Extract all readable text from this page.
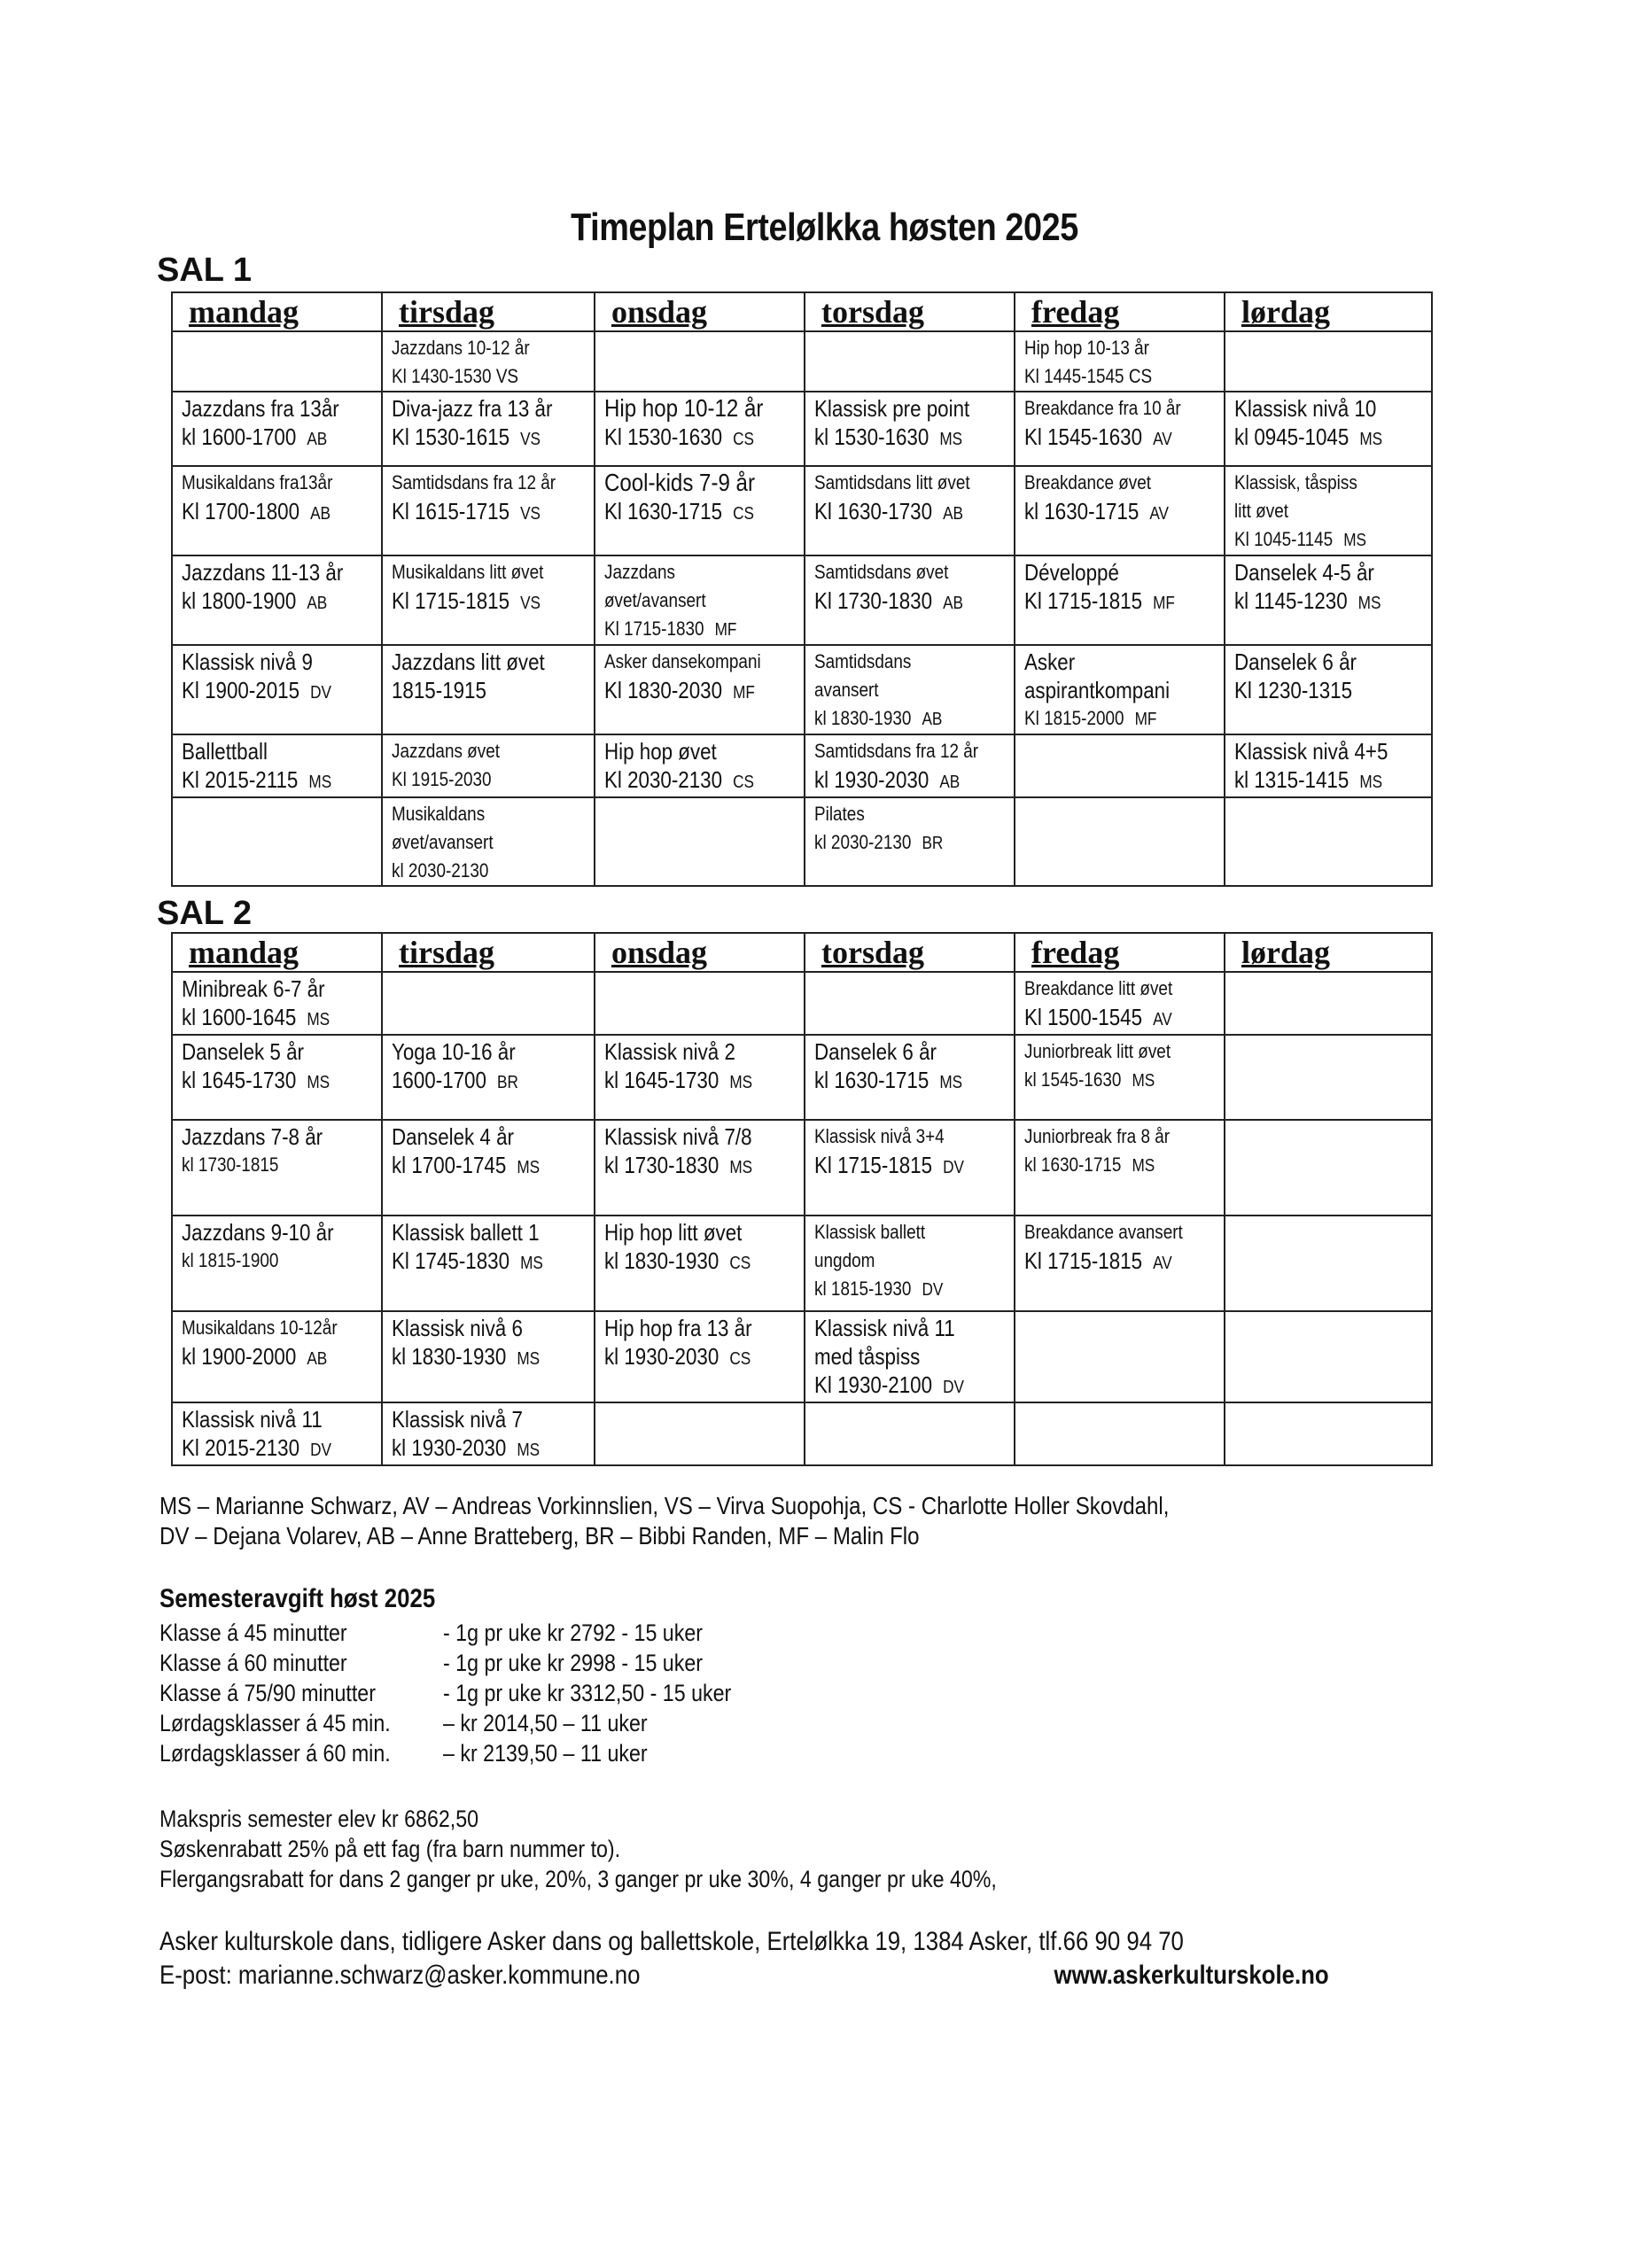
Timeplan Ertelølkka høsten 2025
SAL 1
mandag	tirsdag	onsdag	torsdag	fredag	lørdag

	Jazzdans 10-12 år
Kl 1430-1530 VS			Hip hop 10-13 år
Kl 1445-1545 CS	

Jazzdans fra 13år
kl 1600-1700 AB	Diva-jazz fra 13 år
Kl 1530-1615 VS	Hip hop 10-12 år
Kl 1530-1630 CS	Klassisk pre point
kl 1530-1630 MS	Breakdance fra 10 år
Kl 1545-1630 AV	Klassisk nivå 10
kl 0945-1045 MS

Musikaldans fra13år
Kl 1700-1800 AB	Samtidsdans fra 12 år
Kl 1615-1715 VS	Cool-kids 7-9 år
Kl 1630-1715 CS	Samtidsdans litt øvet
Kl 1630-1730 AB	Breakdance øvet
kl 1630-1715 AV	Klassisk, tåspiss
litt øvet
Kl 1045-1145 MS

Jazzdans 11-13 år
kl 1800-1900 AB	Musikaldans litt øvet
Kl 1715-1815 VS	Jazzdans
øvet/avansert
Kl 1715-1830 MF	Samtidsdans øvet
Kl 1730-1830 AB	Développé
Kl 1715-1815 MF	Danselek 4-5 år
kl 1145-1230 MS

Klassisk nivå 9
Kl 1900-2015 DV	Jazzdans litt øvet
1815-1915	Asker dansekompani
Kl 1830-2030 MF	Samtidsdans
avansert
kl 1830-1930 AB	Asker
aspirantkompani
Kl 1815-2000 MF	Danselek 6 år
Kl 1230-1315

Ballettball
Kl 2015-2115 MS	Jazzdans øvet
Kl 1915-2030	Hip hop øvet
Kl 2030-2130 CS	Samtidsdans fra 12 år
kl 1930-2030 AB		Klassisk nivå 4+5
kl 1315-1415 MS

	Musikaldans
øvet/avansert
kl 2030-2130		Pilates
kl 2030-2130 BR		

SAL 2
mandag	tirsdag	onsdag	torsdag	fredag	lørdag

Minibreak 6-7 år
kl 1600-1645 MS				Breakdance litt øvet
Kl 1500-1545 AV	

Danselek 5 år
kl 1645-1730 MS	Yoga 10-16 år
1600-1700 BR	Klassisk nivå 2
kl 1645-1730 MS	Danselek 6 år
kl 1630-1715 MS	Juniorbreak litt øvet
kl 1545-1630 MS	

Jazzdans 7-8 år
kl 1730-1815	Danselek 4 år
kl 1700-1745 MS	Klassisk nivå 7/8
kl 1730-1830 MS	Klassisk nivå 3+4
Kl 1715-1815 DV	Juniorbreak fra 8 år
kl 1630-1715 MS	

Jazzdans 9-10 år
kl 1815-1900	Klassisk ballett 1
Kl 1745-1830 MS	Hip hop litt øvet
kl 1830-1930 CS	Klassisk ballett
ungdom
kl 1815-1930 DV	Breakdance avansert
Kl 1715-1815 AV	

Musikaldans 10-12år
kl 1900-2000 AB	Klassisk nivå 6
kl 1830-1930 MS	Hip hop fra 13 år
kl 1930-2030 CS	Klassisk nivå 11
med tåspiss
Kl 1930-2100 DV		

Klassisk nivå 11
Kl 2015-2130 DV	Klassisk nivå 7
kl 1930-2030 MS				

MS – Marianne Schwarz, AV – Andreas Vorkinnslien, VS – Virva Suopohja, CS - Charlotte Holler Skovdahl,
DV – Dejana Volarev, AB – Anne Bratteberg, BR – Bibbi Randen, MF – Malin Flo
Semesteravgift høst 2025
Klasse á 45 minutter	- 1g pr uke kr 2792 - 15 uker
Klasse á 60 minutter	- 1g pr uke kr 2998 - 15 uker
Klasse á 75/90 minutter	- 1g pr uke kr 3312,50 - 15 uker
Lørdagsklasser á 45 min.	– kr 2014,50 – 11 uker
Lørdagsklasser á 60 min.	– kr 2139,50 – 11 uker
Makspris semester elev kr 6862,50
Søskenrabatt 25% på ett fag (fra barn nummer to).
Flergangsrabatt for dans 2 ganger pr uke, 20%, 3 ganger pr uke 30%, 4 ganger pr uke 40%,
Asker kulturskole dans, tidligere Asker dans og ballettskole, Ertelølkka 19, 1384 Asker, tlf.66 90 94 70
E-post: marianne.schwarz@asker.kommune.no	www.askerkulturskole.no
